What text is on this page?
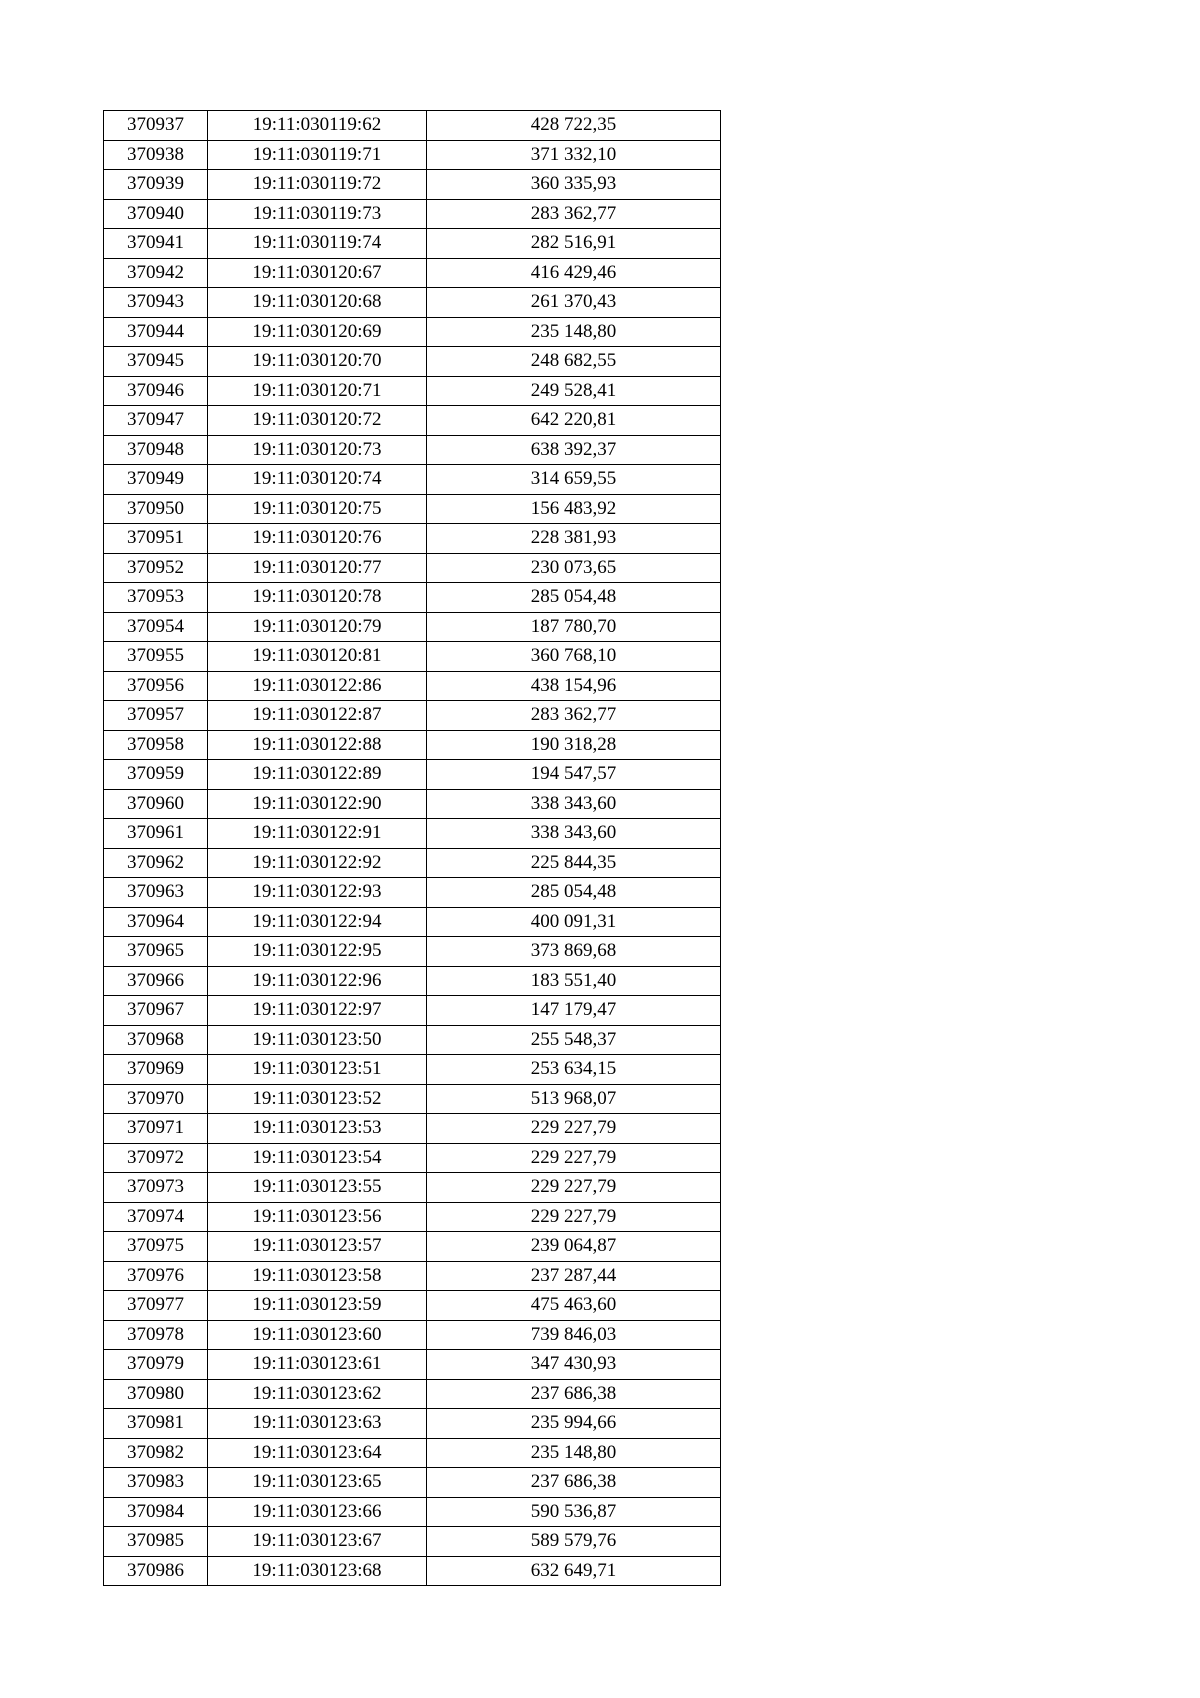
370937	19:11:030119:62	428 722,35
370938	19:11:030119:71	371 332,10
370939	19:11:030119:72	360 335,93
370940	19:11:030119:73	283 362,77
370941	19:11:030119:74	282 516,91
370942	19:11:030120:67	416 429,46
370943	19:11:030120:68	261 370,43
370944	19:11:030120:69	235 148,80
370945	19:11:030120:70	248 682,55
370946	19:11:030120:71	249 528,41
370947	19:11:030120:72	642 220,81
370948	19:11:030120:73	638 392,37
370949	19:11:030120:74	314 659,55
370950	19:11:030120:75	156 483,92
370951	19:11:030120:76	228 381,93
370952	19:11:030120:77	230 073,65
370953	19:11:030120:78	285 054,48
370954	19:11:030120:79	187 780,70
370955	19:11:030120:81	360 768,10
370956	19:11:030122:86	438 154,96
370957	19:11:030122:87	283 362,77
370958	19:11:030122:88	190 318,28
370959	19:11:030122:89	194 547,57
370960	19:11:030122:90	338 343,60
370961	19:11:030122:91	338 343,60
370962	19:11:030122:92	225 844,35
370963	19:11:030122:93	285 054,48
370964	19:11:030122:94	400 091,31
370965	19:11:030122:95	373 869,68
370966	19:11:030122:96	183 551,40
370967	19:11:030122:97	147 179,47
370968	19:11:030123:50	255 548,37
370969	19:11:030123:51	253 634,15
370970	19:11:030123:52	513 968,07
370971	19:11:030123:53	229 227,79
370972	19:11:030123:54	229 227,79
370973	19:11:030123:55	229 227,79
370974	19:11:030123:56	229 227,79
370975	19:11:030123:57	239 064,87
370976	19:11:030123:58	237 287,44
370977	19:11:030123:59	475 463,60
370978	19:11:030123:60	739 846,03
370979	19:11:030123:61	347 430,93
370980	19:11:030123:62	237 686,38
370981	19:11:030123:63	235 994,66
370982	19:11:030123:64	235 148,80
370983	19:11:030123:65	237 686,38
370984	19:11:030123:66	590 536,87
370985	19:11:030123:67	589 579,76
370986	19:11:030123:68	632 649,71
